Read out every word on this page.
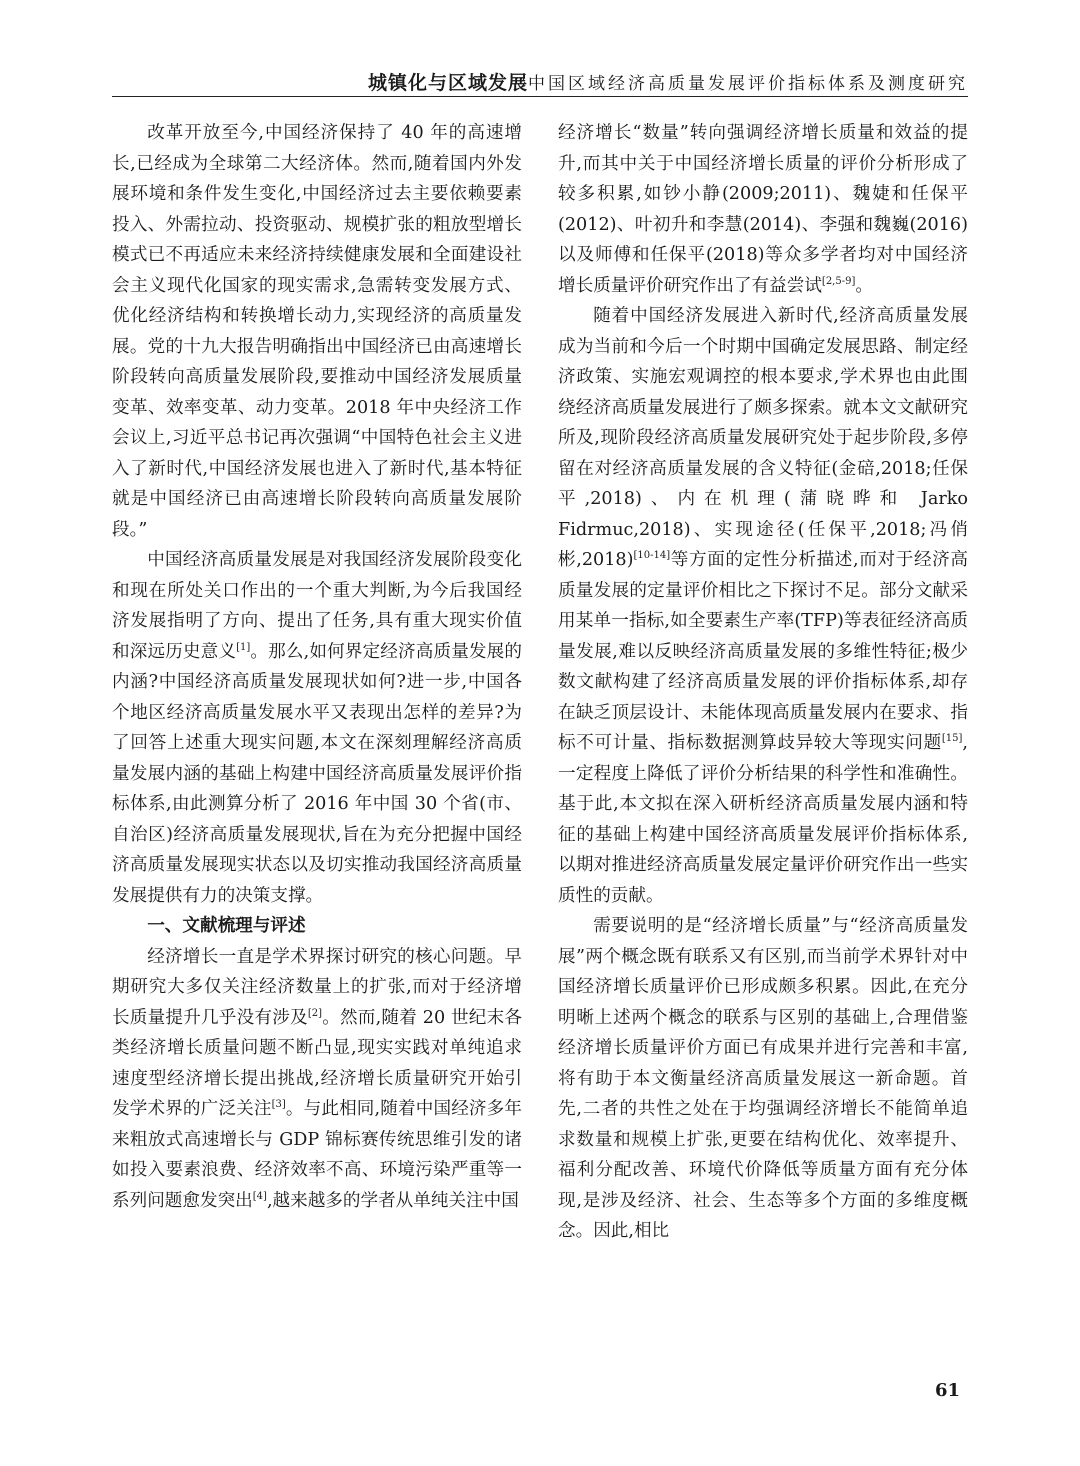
城镇化与区域发展 中国区域经济高质量发展评价指标体系及测度研究

改革开放至今,中国经济保持了 40 年的高速增长,已经成为全球第二大经济体。然而,随着国内外发展环境和条件发生变化,中国经济过去主要依赖要素投入、外需拉动、投资驱动、规模扩张的粗放型增长模式已不再适应未来经济持续健康发展和全面建设社会主义现代化国家的现实需求,急需转变发展方式、优化经济结构和转换增长动力,实现经济的高质量发展。党的十九大报告明确指出中国经济已由高速增长阶段转向高质量发展阶段,要推动中国经济发展质量变革、效率变革、动力变革。2018 年中央经济工作会议上,习近平总书记再次强调“中国特色社会主义进入了新时代,中国经济发展也进入了新时代,基本特征就是中国经济已由高速增长阶段转向高质量发展阶段。”

中国经济高质量发展是对我国经济发展阶段变化和现在所处关口作出的一个重大判断,为今后我国经济发展指明了方向、提出了任务,具有重大现实价值和深远历史意义[1]。那么,如何界定经济高质量发展的内涵?中国经济高质量发展现状如何?进一步,中国各个地区经济高质量发展水平又表现出怎样的差异?为了回答上述重大现实问题,本文在深刻理解经济高质量发展内涵的基础上构建中国经济高质量发展评价指标体系,由此测算分析了 2016 年中国 30 个省(市、自治区)经济高质量发展现状,旨在为充分把握中国经济高质量发展现实状态以及切实推动我国经济高质量发展提供有力的决策支撑。

一、文献梳理与评述

经济增长一直是学术界探讨研究的核心问题。早期研究大多仅关注经济数量上的扩张,而对于经济增长质量提升几乎没有涉及[2]。然而,随着 20 世纪末各类经济增长质量问题不断凸显,现实实践对单纯追求速度型经济增长提出挑战,经济增长质量研究开始引发学术界的广泛关注[3]。与此相同,随着中国经济多年来粗放式高速增长与 GDP 锦标赛传统思维引发的诸如投入要素浪费、经济效率不高、环境污染严重等一系列问题愈发突出[4],越来越多的学者从单纯关注中国

经济增长“数量”转向强调经济增长质量和效益的提升,而其中关于中国经济增长质量的评价分析形成了较多积累,如钞小静(2009;2011)、魏婕和任保平(2012)、叶初升和李慧(2014)、李强和魏巍(2016)以及师傅和任保平(2018)等众多学者均对中国经济增长质量评价研究作出了有益尝试[2,5-9]。

随着中国经济发展进入新时代,经济高质量发展成为当前和今后一个时期中国确定发展思路、制定经济政策、实施宏观调控的根本要求,学术界也由此围绕经济高质量发展进行了颇多探索。就本文文献研究所及,现阶段经济高质量发展研究处于起步阶段,多停留在对经济高质量发展的含义特征(金碚,2018;任保平,2018)、内在机理(蒲晓晔和 Jarko Fidrmuc,2018)、实现途径(任保平,2018;冯俏彬,2018)[10-14]等方面的定性分析描述,而对于经济高质量发展的定量评价相比之下探讨不足。部分文献采用某单一指标,如全要素生产率(TFP)等表征经济高质量发展,难以反映经济高质量发展的多维性特征;极少数文献构建了经济高质量发展的评价指标体系,却存在缺乏顶层设计、未能体现高质量发展内在要求、指标不可计量、指标数据测算歧异较大等现实问题[15],一定程度上降低了评价分析结果的科学性和准确性。基于此,本文拟在深入研析经济高质量发展内涵和特征的基础上构建中国经济高质量发展评价指标体系,以期对推进经济高质量发展定量评价研究作出一些实质性的贡献。

需要说明的是“经济增长质量”与“经济高质量发展”两个概念既有联系又有区别,而当前学术界针对中国经济增长质量评价已形成颇多积累。因此,在充分明晰上述两个概念的联系与区别的基础上,合理借鉴经济增长质量评价方面已有成果并进行完善和丰富,将有助于本文衡量经济高质量发展这一新命题。首先,二者的共性之处在于均强调经济增长不能简单追求数量和规模上扩张,更要在结构优化、效率提升、福利分配改善、环境代价降低等质量方面有充分体现,是涉及经济、社会、生态等多个方面的多维度概念。因此,相比

61
